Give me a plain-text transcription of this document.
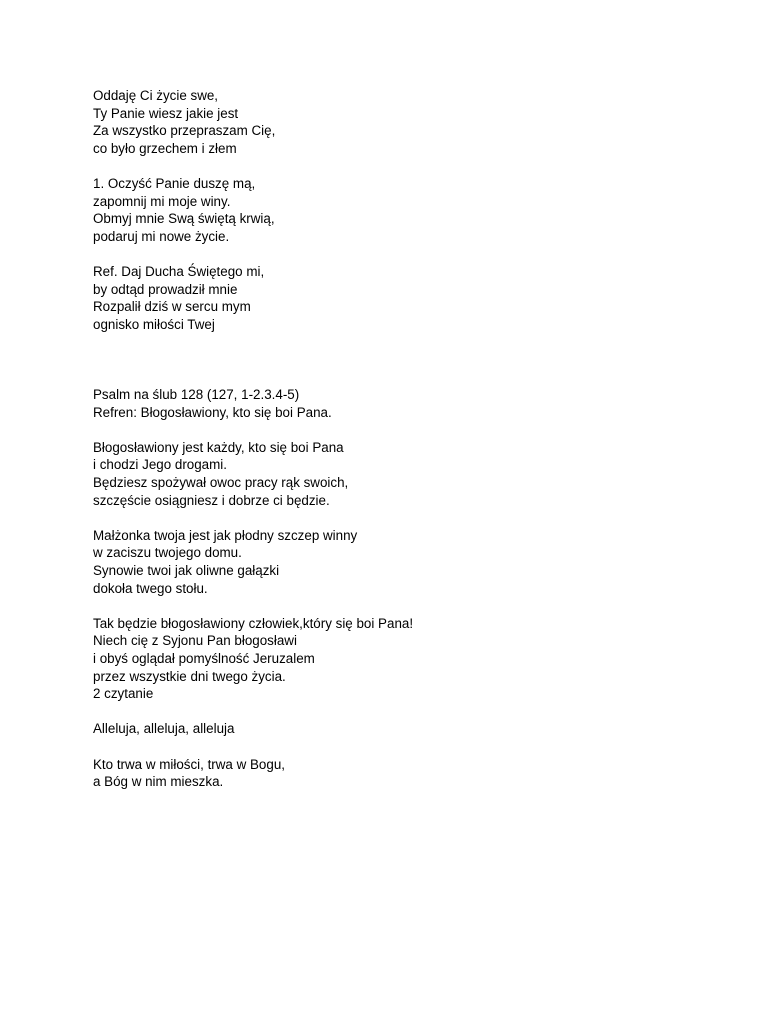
Oddaję Ci życie swe,
Ty Panie wiesz jakie jest
Za wszystko przepraszam Cię,
co było grzechem i złem
1. Oczyść Panie duszę mą,
zapomnij mi moje winy.
Obmyj mnie Swą świętą krwią,
podaruj mi nowe życie.
Ref. Daj Ducha Świętego mi,
by odtąd prowadził mnie
Rozpalił dziś w sercu mym
ognisko miłości Twej
Psalm na ślub 128 (127, 1-2.3.4-5)
Refren: Błogosławiony, kto się boi Pana.
Błogosławiony jest każdy, kto się boi Pana
i chodzi Jego drogami.
Będziesz spożywał owoc pracy rąk swoich,
szczęście osiągniesz i dobrze ci będzie.
Małżonka twoja jest jak płodny szczep winny
w zaciszu twojego domu.
Synowie twoi jak oliwne gałązki
dokoła twego stołu.
Tak będzie błogosławiony człowiek,który się boi Pana!
Niech cię z Syjonu Pan błogosławi
i obyś oglądał pomyślność Jeruzalem
przez wszystkie dni twego życia.
2 czytanie
Alleluja, alleluja, alleluja
Kto trwa w miłości, trwa w Bogu,
a Bóg w nim mieszka.
